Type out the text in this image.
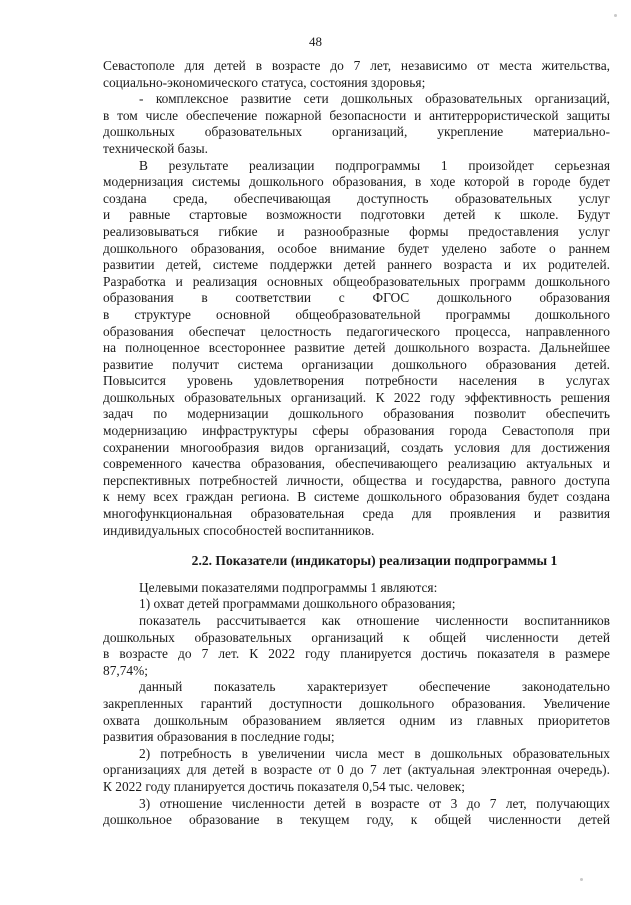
48

Севастополе для детей в возрасте до 7 лет, независимо от места жительства,
социально-экономического статуса, состояния здоровья;

- комплексное развитие сети дошкольных образовательных организаций,
в том числе обеспечение пожарной безопасности и антитеррористической защиты
дошкольных образовательных организаций, укрепление материально-
технической базы.

В результате реализации подпрограммы 1 произойдет серьезная
модернизация системы дошкольного образования, в ходе которой в городе будет
создана среда, обеспечивающая доступность образовательных услуг
и равные стартовые возможности подготовки детей к школе. Будут
реализовываться гибкие и разнообразные формы предоставления услуг
дошкольного образования, особое внимание будет уделено заботе о раннем
развитии детей, системе поддержки детей раннего возраста и их родителей.
Разработка и реализация основных общеобразовательных программ дошкольного
образования в соответствии с ФГОС дошкольного образования
в структуре основной общеобразовательной программы дошкольного
образования обеспечат целостность педагогического процесса, направленного
на полноценное всестороннее развитие детей дошкольного возраста. Дальнейшее
развитие получит система организации дошкольного образования детей.
Повысится уровень удовлетворения потребности населения в услугах
дошкольных образовательных организаций. К 2022 году эффективность решения
задач по модернизации дошкольного образования позволит обеспечить
модернизацию инфраструктуры сферы образования города Севастополя при
сохранении многообразия видов организаций, создать условия для достижения
современного качества образования, обеспечивающего реализацию актуальных и
перспективных потребностей личности, общества и государства, равного доступа
к нему всех граждан региона. В системе дошкольного образования будет создана
многофункциональная образовательная среда для проявления и развития
индивидуальных способностей воспитанников.

2.2. Показатели (индикаторы) реализации подпрограммы 1

Целевыми показателями подпрограммы 1 являются:

1) охват детей программами дошкольного образования;

показатель рассчитывается как отношение численности воспитанников
дошкольных образовательных организаций к общей численности детей
в возрасте до 7 лет. К 2022 году планируется достичь показателя в размере
87,74%;

данный показатель характеризует обеспечение законодательно
закрепленных гарантий доступности дошкольного образования. Увеличение
охвата дошкольным образованием является одним из главных приоритетов
развития образования в последние годы;

2) потребность в увеличении числа мест в дошкольных образовательных
организациях для детей в возрасте от 0 до 7 лет (актуальная электронная очередь).
К 2022 году планируется достичь показателя 0,54 тыс. человек;

3) отношение численности детей в возрасте от 3 до 7 лет, получающих
дошкольное образование в текущем году, к общей численности детей
